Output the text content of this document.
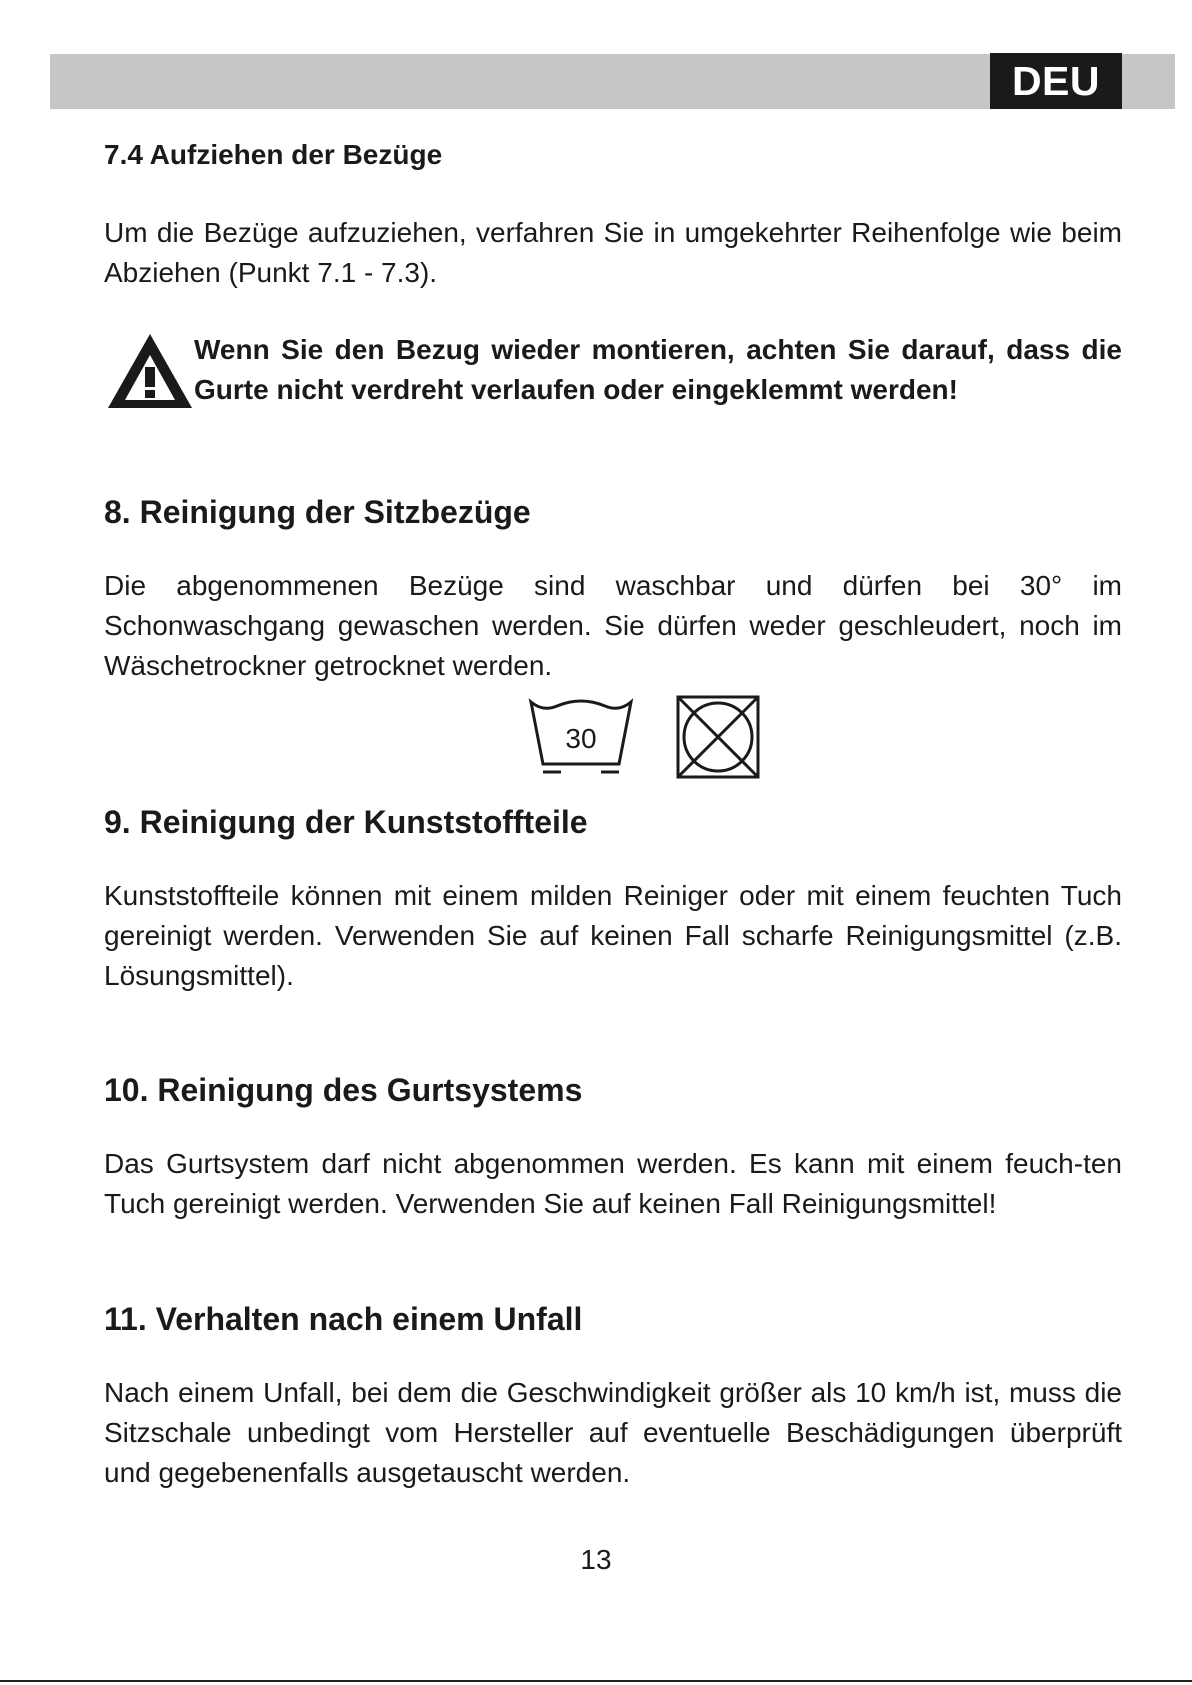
DEU
7.4 Aufziehen der Bezüge

Um die Bezüge aufzuziehen, verfahren Sie in umgekehrter Reihenfolge wie beim Abziehen (Punkt 7.1 - 7.3).

Wenn Sie den Bezug wieder montieren, achten Sie darauf, dass die Gurte nicht verdreht verlaufen oder eingeklemmt werden!

8. Reinigung der Sitzbezüge

Die abgenommenen Bezüge sind waschbar und dürfen bei 30° im Schonwaschgang gewaschen werden. Sie dürfen weder geschleudert, noch im Wäschetrockner getrocknet werden.

30
9. Reinigung der Kunststoffteile

Kunststoffteile können mit einem milden Reiniger oder mit einem feuchten Tuch gereinigt werden. Verwenden Sie auf keinen Fall scharfe Reinigungsmittel (z.B. Lösungsmittel).

10. Reinigung des Gurtsystems

Das Gurtsystem darf nicht abgenommen werden. Es kann mit einem feuch-ten Tuch gereinigt werden. Verwenden Sie auf keinen Fall Reinigungsmittel!

11. Verhalten nach einem Unfall

Nach einem Unfall, bei dem die Geschwindigkeit größer als 10 km/h ist, muss die Sitzschale unbedingt vom Hersteller auf eventuelle Beschädigungen überprüft und gegebenenfalls ausgetauscht werden.

13
